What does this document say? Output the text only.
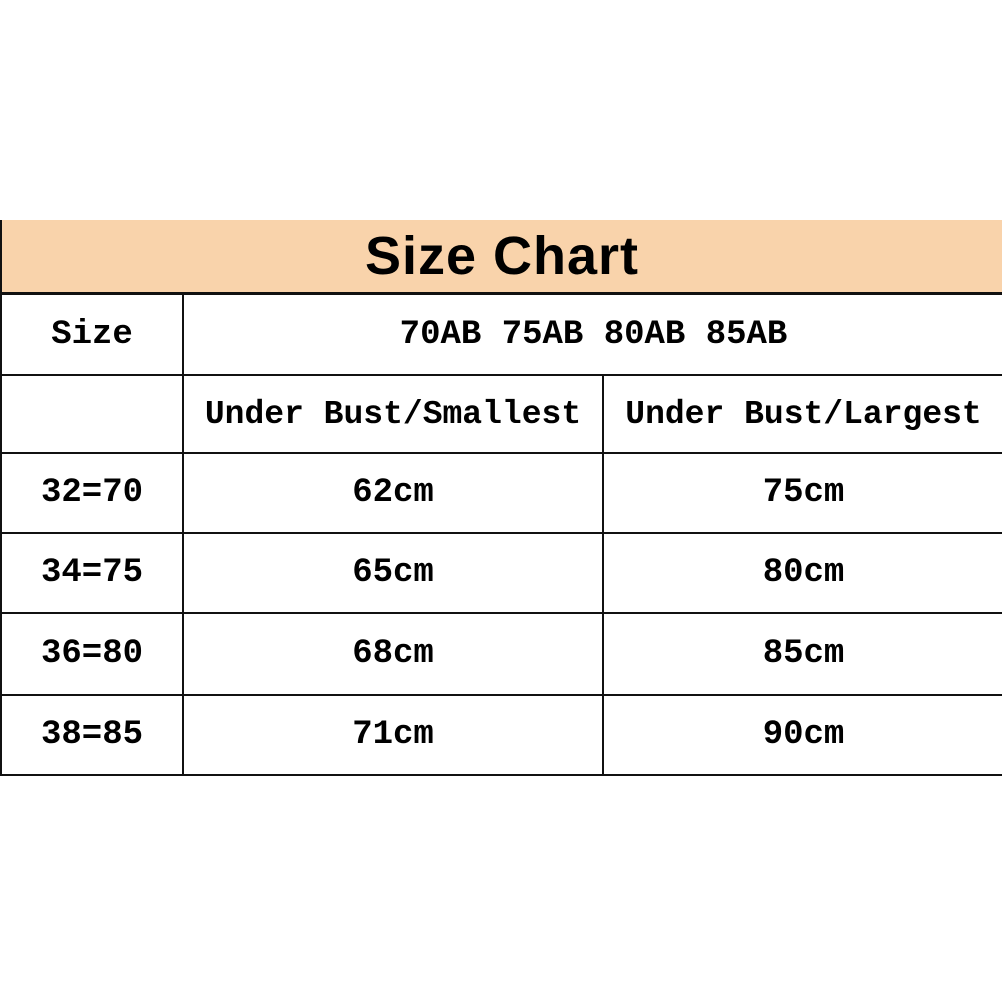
Size Chart
Size	70AB 75AB 80AB 85AB	
	Under Bust/Smallest	Under Bust/Largest
32=70	62cm	75cm
34=75	65cm	80cm
36=80	68cm	85cm
38=85	71cm	90cm
